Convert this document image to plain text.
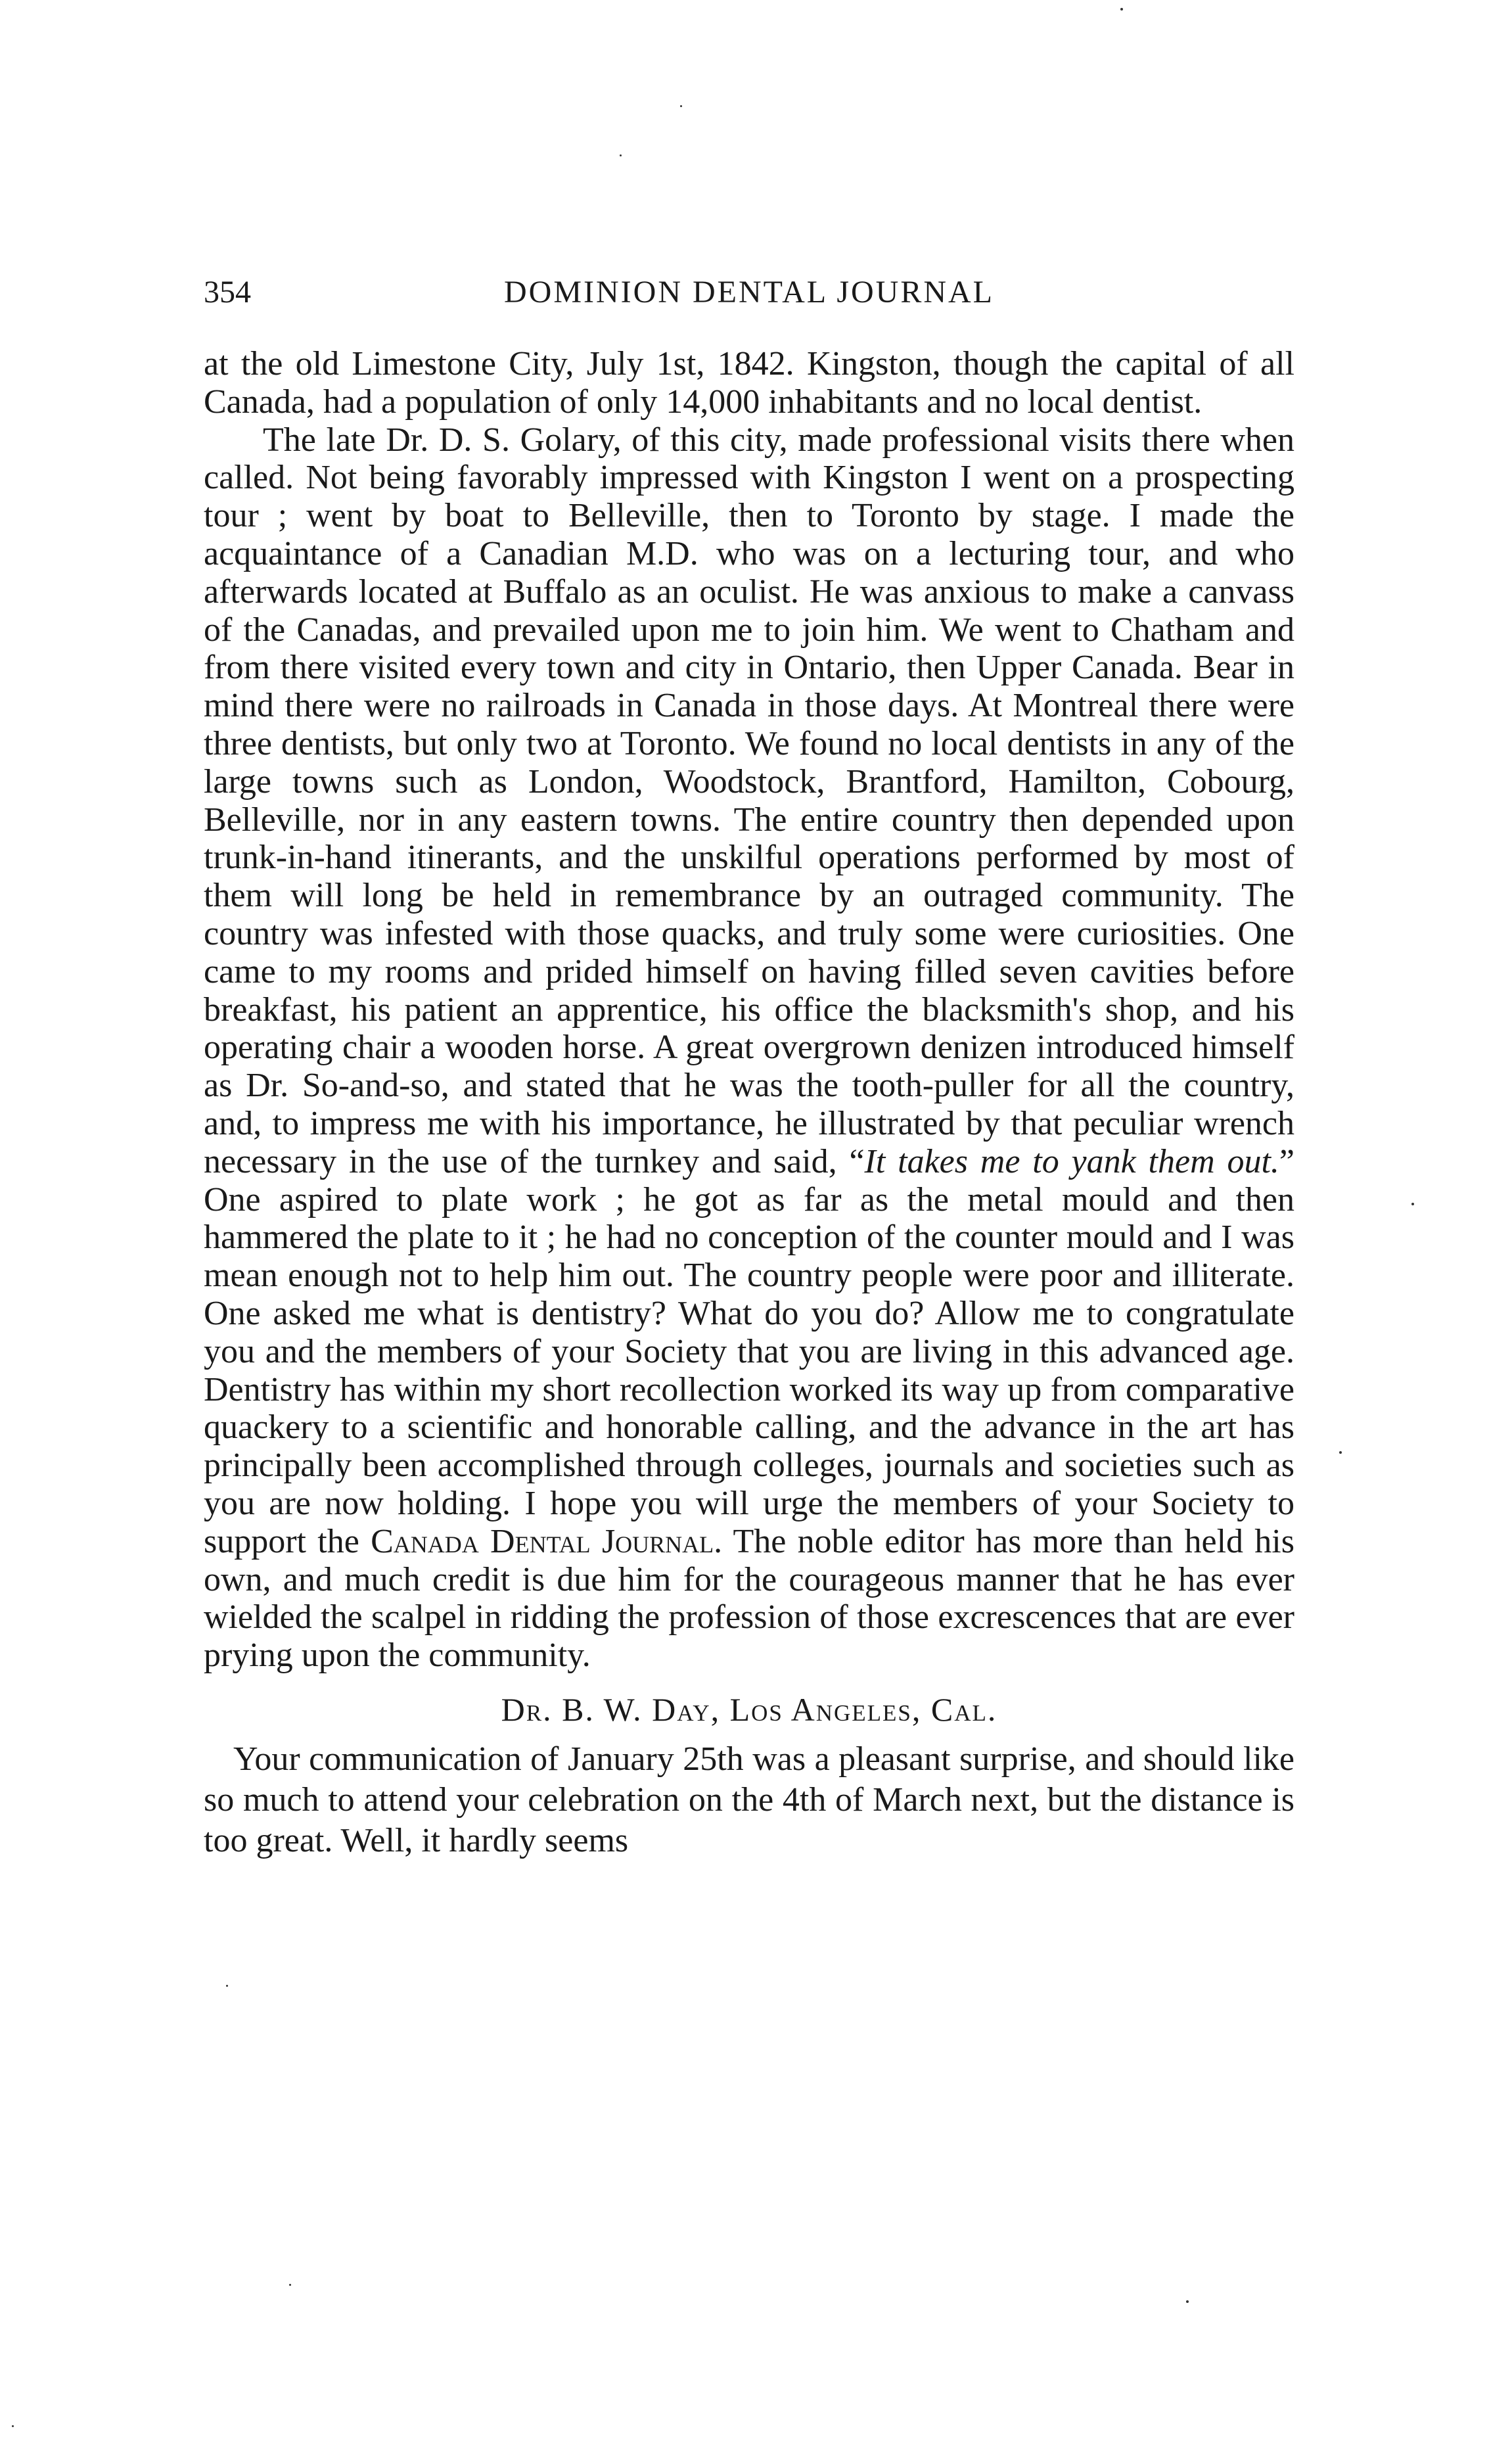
354	DOMINION DENTAL JOURNAL

at the old Limestone City, July 1st, 1842. Kingston, though the capital of all Canada, had a population of only 14,000 inhabitants and no local dentist.

The late Dr. D. S. Golary, of this city, made professional visits there when called. Not being favorably impressed with Kingston I went on a prospecting tour ; went by boat to Belleville, then to Toronto by stage. I made the acquaintance of a Canadian M.D. who was on a lecturing tour, and who afterwards located at Buffalo as an oculist. He was anxious to make a canvass of the Canadas, and prevailed upon me to join him. We went to Chatham and from there visited every town and city in Ontario, then Upper Canada. Bear in mind there were no railroads in Canada in those days. At Montreal there were three dentists, but only two at Toronto. We found no local dentists in any of the large towns such as London, Woodstock, Brantford, Hamilton, Cobourg, Belleville, nor in any eastern towns. The entire country then depended upon trunk-in-hand itinerants, and the unskilful operations performed by most of them will long be held in remembrance by an outraged community. The country was infested with those quacks, and truly some were curiosities. One came to my rooms and prided himself on having filled seven cavities before breakfast, his patient an apprentice, his office the blacksmith's shop, and his operating chair a wooden horse. A great overgrown denizen introduced himself as Dr. So-and-so, and stated that he was the tooth-puller for all the country, and, to impress me with his importance, he illustrated by that peculiar wrench necessary in the use of the turnkey and said, “It takes me to yank them out.” One aspired to plate work ; he got as far as the metal mould and then hammered the plate to it ; he had no conception of the counter mould and I was mean enough not to help him out. The country people were poor and illiterate. One asked me what is dentistry? What do you do? Allow me to congratulate you and the members of your Society that you are living in this advanced age. Dentistry has within my short recollection worked its way up from comparative quackery to a scientific and honorable calling, and the advance in the art has principally been accomplished through colleges, journals and societies such as you are now holding. I hope you will urge the members of your Society to support the Canada Dental Journal. The noble editor has more than held his own, and much credit is due him for the courageous manner that he has ever wielded the scalpel in ridding the profession of those excrescences that are ever prying upon the community.

Dr. B. W. Day, Los Angeles, Cal.

Your communication of January 25th was a pleasant surprise, and should like so much to attend your celebration on the 4th of March next, but the distance is too great. Well, it hardly seems
